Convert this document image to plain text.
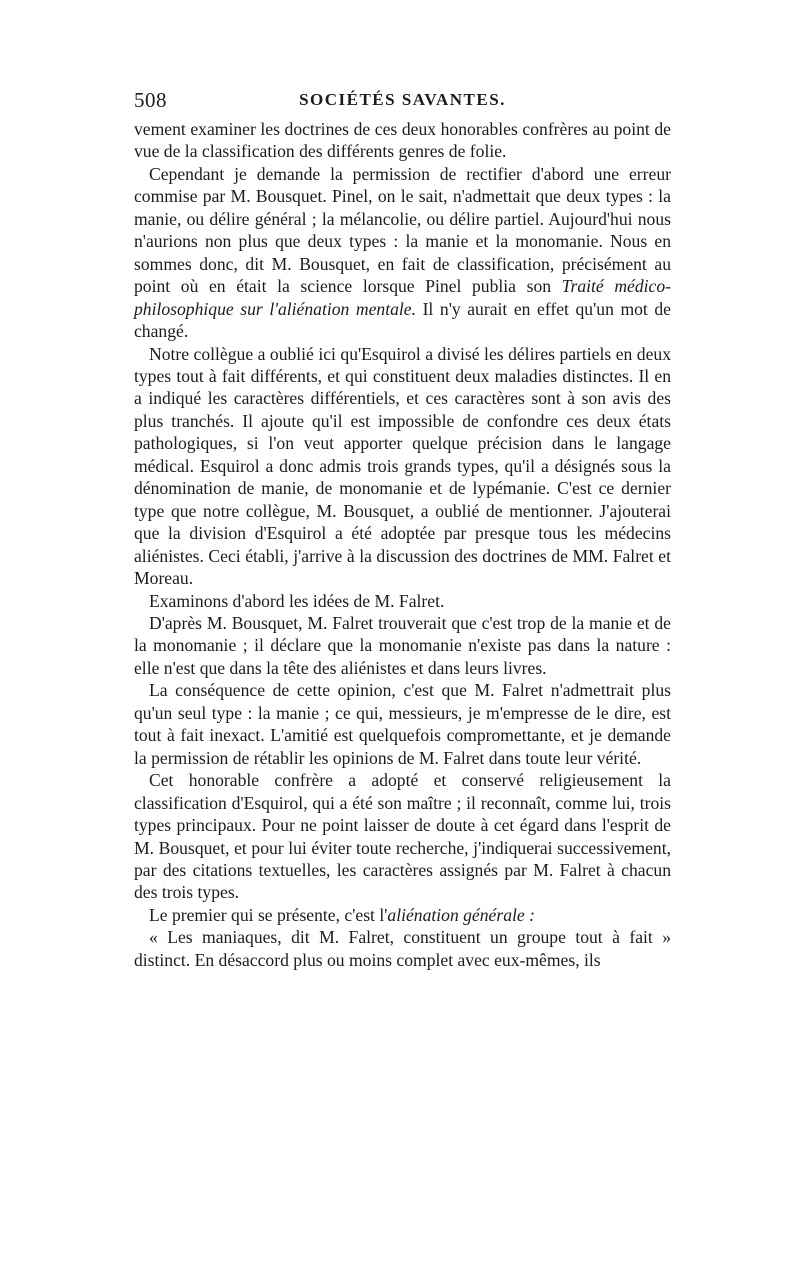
508	SOCIÉTÉS SAVANTES.

vement examiner les doctrines de ces deux honorables confrères au point de vue de la classification des différents genres de folie.

Cependant je demande la permission de rectifier d'abord une erreur commise par M. Bousquet. Pinel, on le sait, n'admettait que deux types : la manie, ou délire général ; la mélancolie, ou délire partiel. Aujourd'hui nous n'aurions non plus que deux types : la manie et la monomanie. Nous en sommes donc, dit M. Bousquet, en fait de classification, précisément au point où en était la science lorsque Pinel publia son Traité médico-philosophique sur l'aliénation mentale. Il n'y aurait en effet qu'un mot de changé.

Notre collègue a oublié ici qu'Esquirol a divisé les délires partiels en deux types tout à fait différents, et qui constituent deux maladies distinctes. Il en a indiqué les caractères différentiels, et ces caractères sont à son avis des plus tranchés. Il ajoute qu'il est impossible de confondre ces deux états pathologiques, si l'on veut apporter quelque précision dans le langage médical. Esquirol a donc admis trois grands types, qu'il a désignés sous la dénomination de manie, de monomanie et de lypémanie. C'est ce dernier type que notre collègue, M. Bousquet, a oublié de mentionner. J'ajouterai que la division d'Esquirol a été adoptée par presque tous les médecins aliénistes. Ceci établi, j'arrive à la discussion des doctrines de MM. Falret et Moreau.

Examinons d'abord les idées de M. Falret.

D'après M. Bousquet, M. Falret trouverait que c'est trop de la manie et de la monomanie ; il déclare que la monomanie n'existe pas dans la nature : elle n'est que dans la tête des aliénistes et dans leurs livres.

La conséquence de cette opinion, c'est que M. Falret n'admettrait plus qu'un seul type : la manie ; ce qui, messieurs, je m'empresse de le dire, est tout à fait inexact. L'amitié est quelquefois compromettante, et je demande la permission de rétablir les opinions de M. Falret dans toute leur vérité.

Cet honorable confrère a adopté et conservé religieusement la classification d'Esquirol, qui a été son maître ; il reconnaît, comme lui, trois types principaux. Pour ne point laisser de doute à cet égard dans l'esprit de M. Bousquet, et pour lui éviter toute recherche, j'indiquerai successivement, par des citations textuelles, les caractères assignés par M. Falret à chacun des trois types.

Le premier qui se présente, c'est l'aliénation générale :

« Les maniaques, dit M. Falret, constituent un groupe tout à fait » distinct. En désaccord plus ou moins complet avec eux-mêmes, ils
